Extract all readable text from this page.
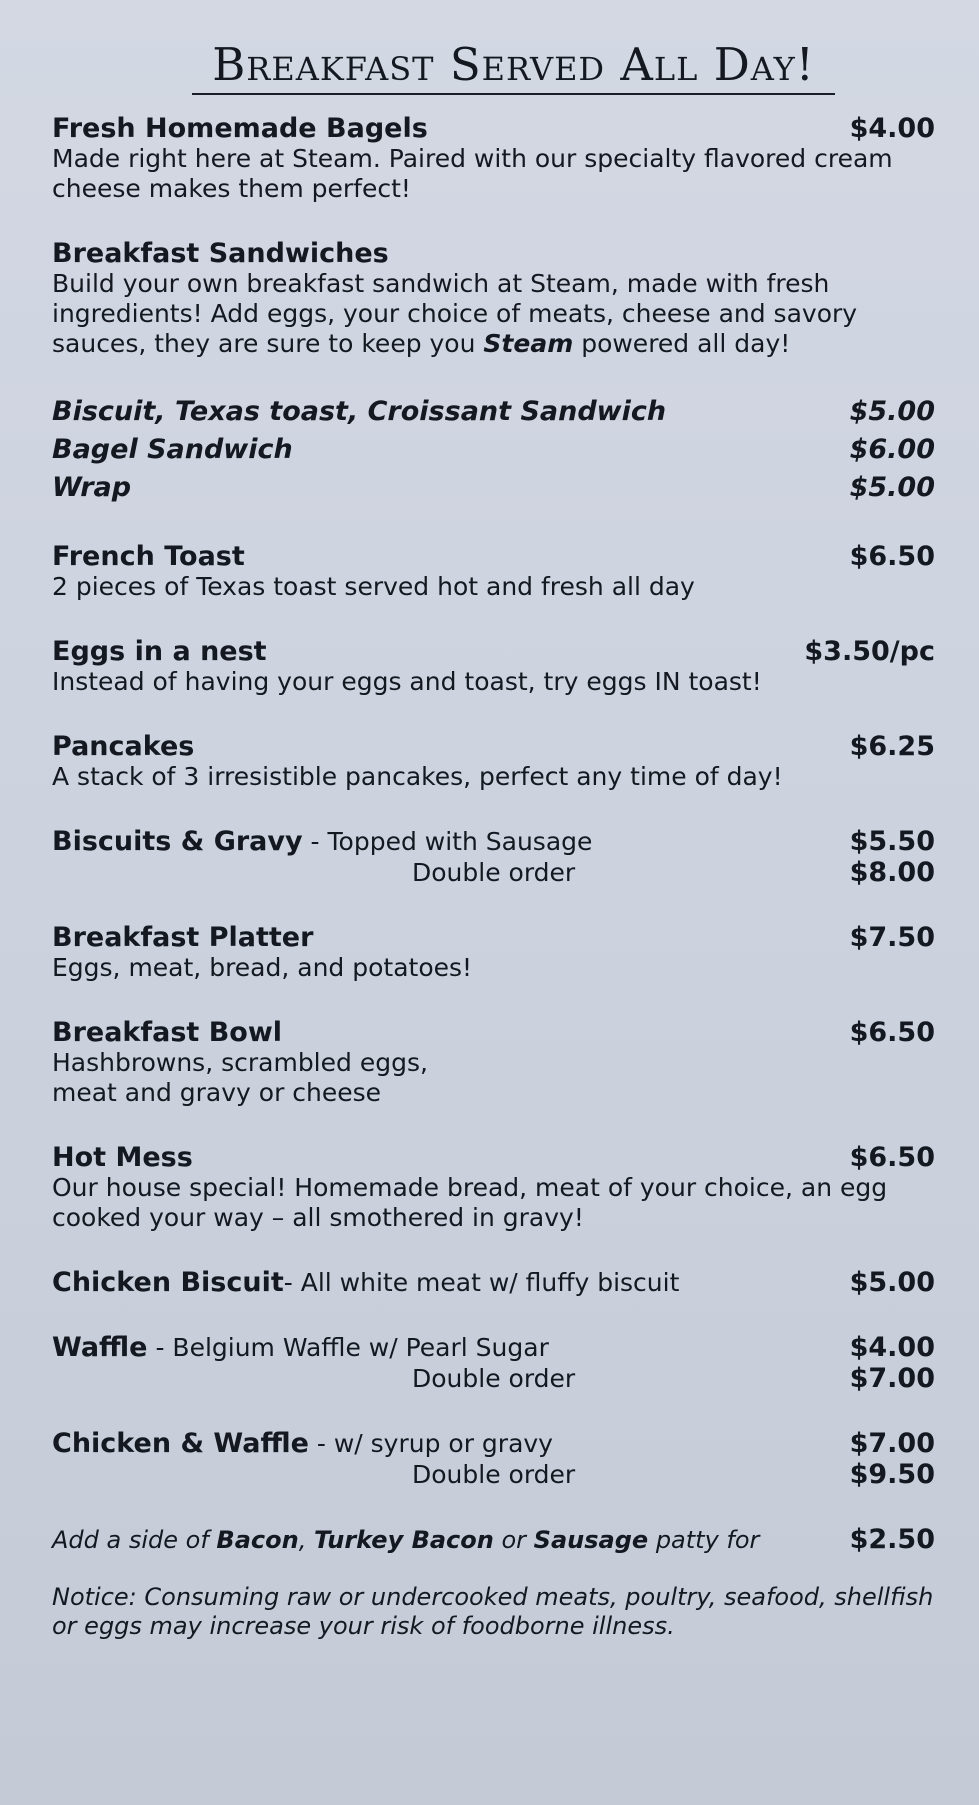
Breakfast Served All Day!
Fresh Homemade Bagels	$4.00
Made right here at Steam. Paired with our specialty flavored cream cheese makes them perfect!
Breakfast Sandwiches
Build your own breakfast sandwich at Steam, made with fresh ingredients! Add eggs, your choice of meats, cheese and savory sauces, they are sure to keep you Steam powered all day!
Biscuit, Texas toast, Croissant Sandwich	$5.00
Bagel Sandwich	$6.00
Wrap	$5.00
French Toast	$6.50
2 pieces of Texas toast served hot and fresh all day
Eggs in a nest	$3.50/pc
Instead of having your eggs and toast, try eggs IN toast!
Pancakes	$6.25
A stack of 3 irresistible pancakes, perfect any time of day!
Biscuits & Gravy - Topped with Sausage	$5.50
Double order	$8.00
Breakfast Platter	$7.50
Eggs, meat, bread, and potatoes!
Breakfast Bowl	$6.50
Hashbrowns, scrambled eggs,
meat and gravy or cheese
Hot Mess	$6.50
Our house special! Homemade bread, meat of your choice, an egg cooked your way – all smothered in gravy!
Chicken Biscuit- All white meat w/ fluffy biscuit	$5.00
Waffle - Belgium Waffle w/ Pearl Sugar	$4.00
Double order	$7.00
Chicken & Waffle - w/ syrup or gravy	$7.00
Double order	$9.50
Add a side of Bacon, Turkey Bacon or Sausage patty for	$2.50
Notice: Consuming raw or undercooked meats, poultry, seafood, shellfish or eggs may increase your risk of foodborne illness.
